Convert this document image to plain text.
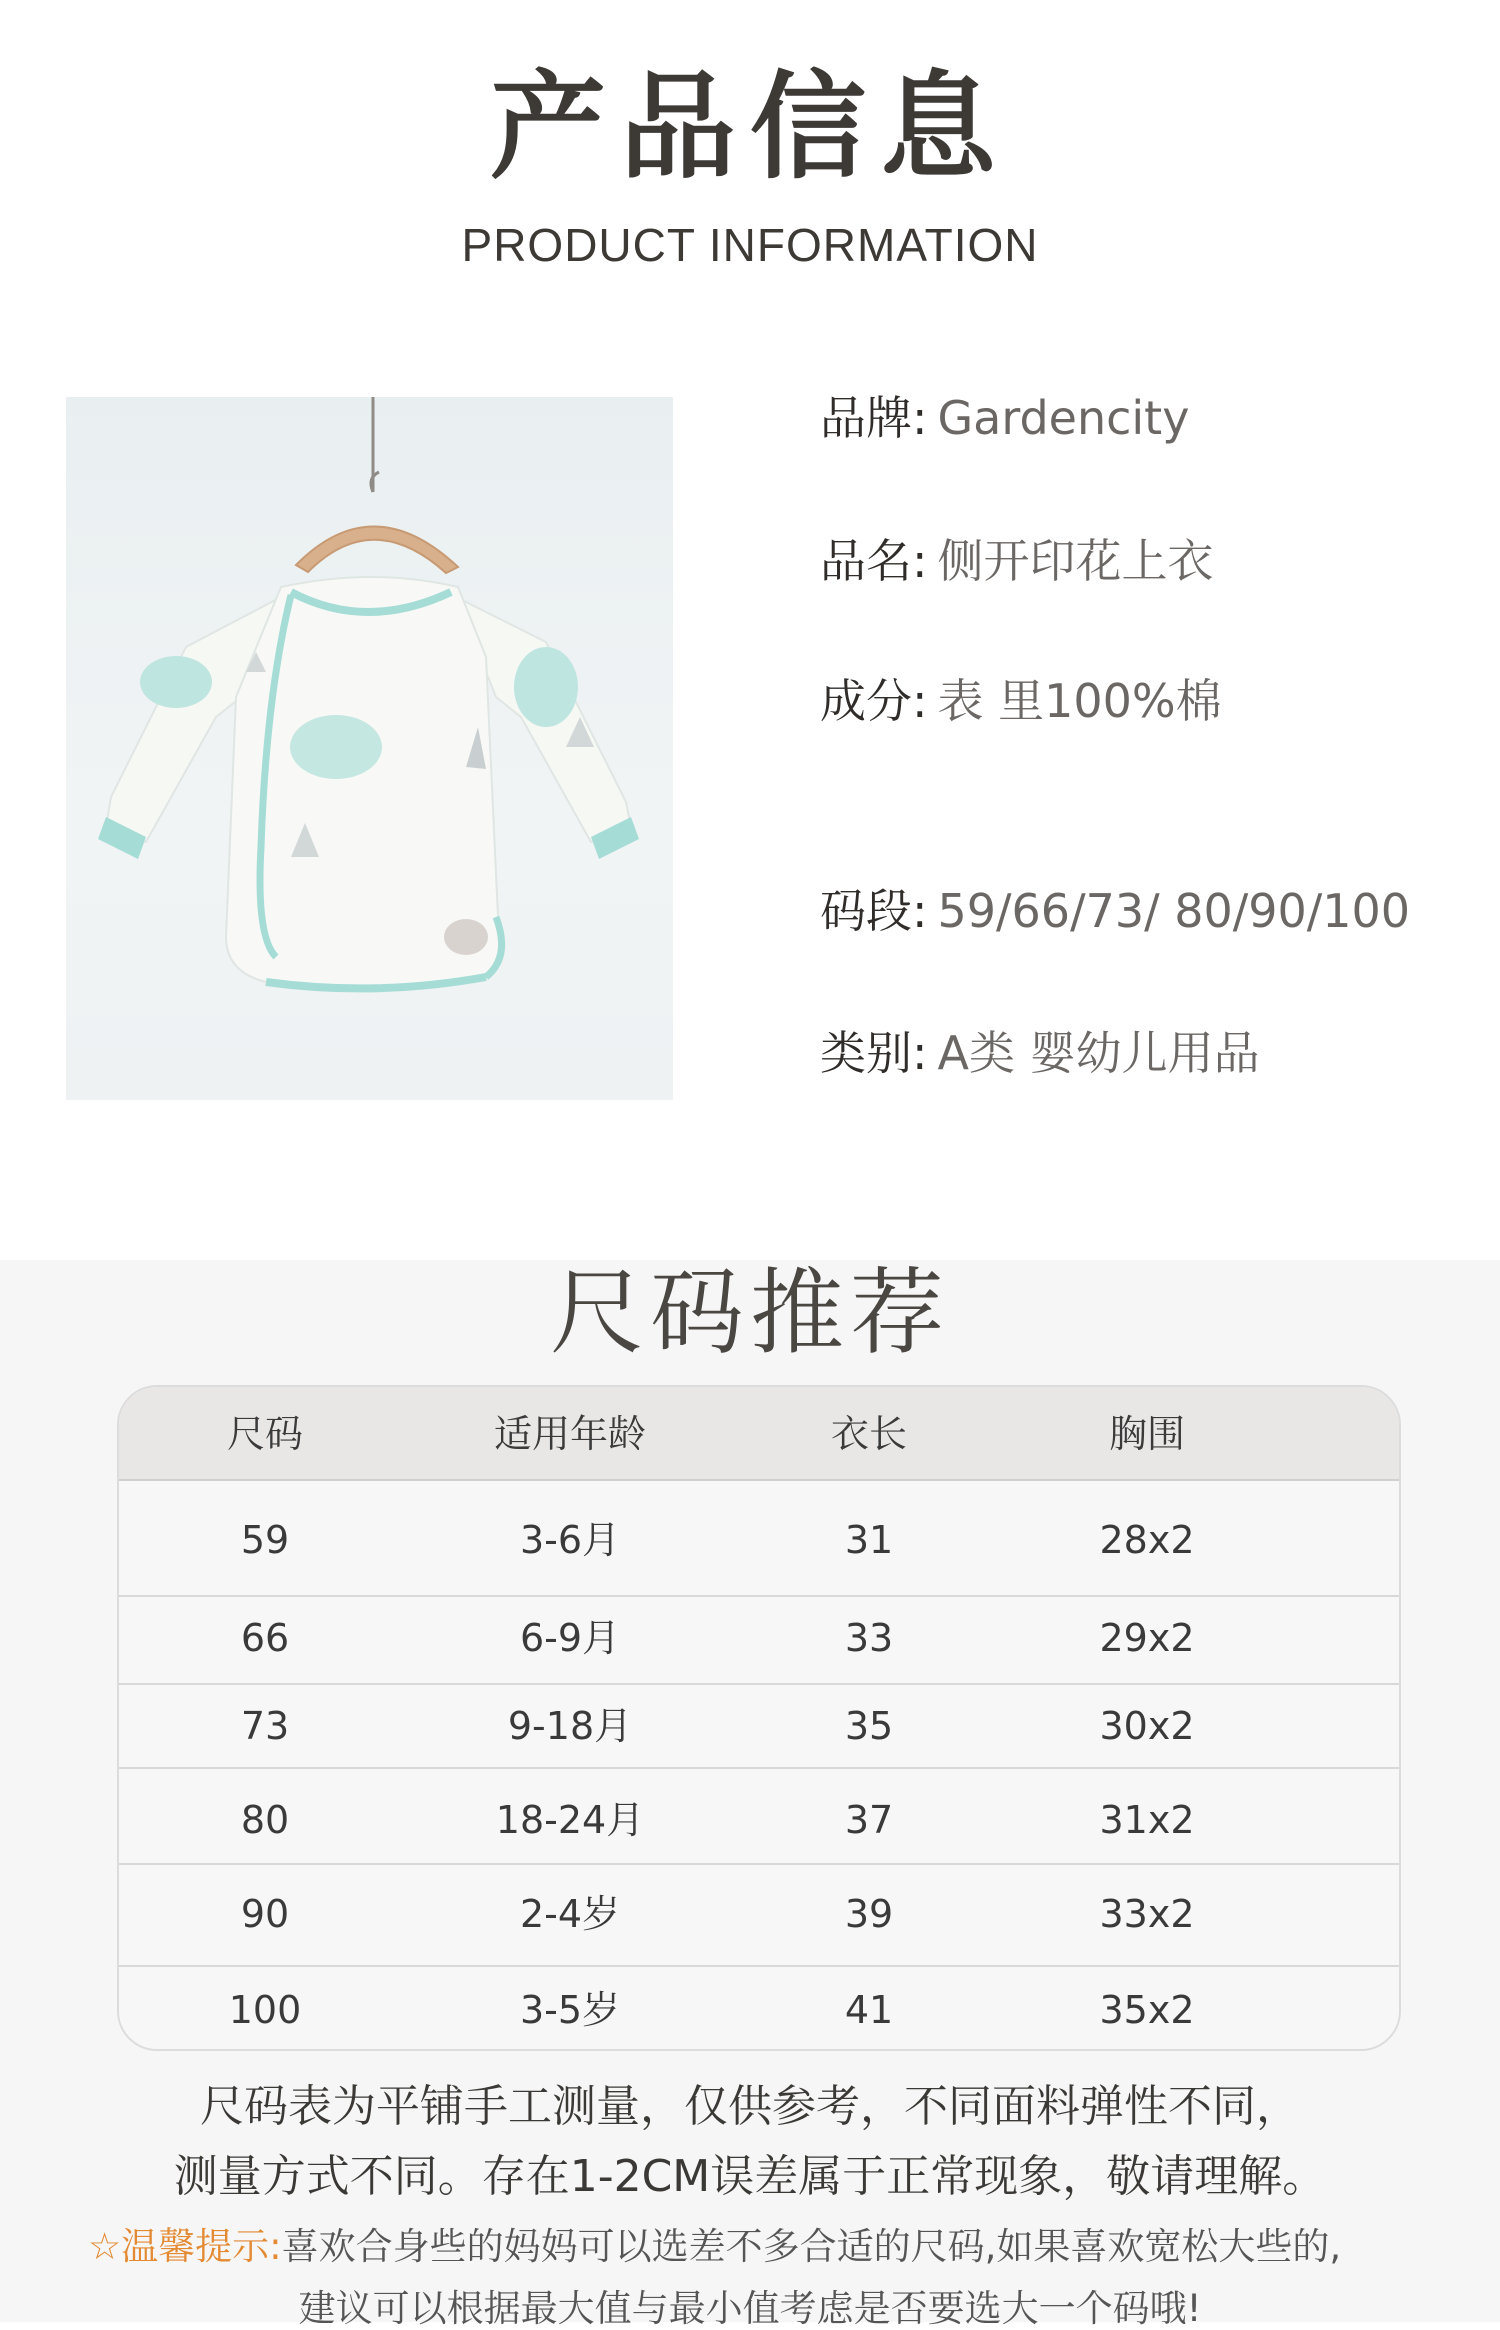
产品信息
PRODUCT INFORMATION
品牌: Gardencity
品名: 侧开印花上衣
成分: 表 里100%棉
码段: 59/66/73/ 80/90/100
类别: A类 婴幼儿用品
尺码推荐
尺码	适用年龄	衣长	胸围
59	3-6月	31	28x2
66	6-9月	33	29x2
73	9-18月	35	30x2
80	18-24月	37	31x2
90	2-4岁	39	33x2
100	3-5岁	41	35x2
尺码表为平铺手工测量，仅供参考，不同面料弹性不同，
测量方式不同。存在1-2CM误差属于正常现象，敬请理解。
☆温馨提示:喜欢合身些的妈妈可以选差不多合适的尺码,如果喜欢宽松大些的,
建议可以根据最大值与最小值考虑是否要选大一个码哦!
